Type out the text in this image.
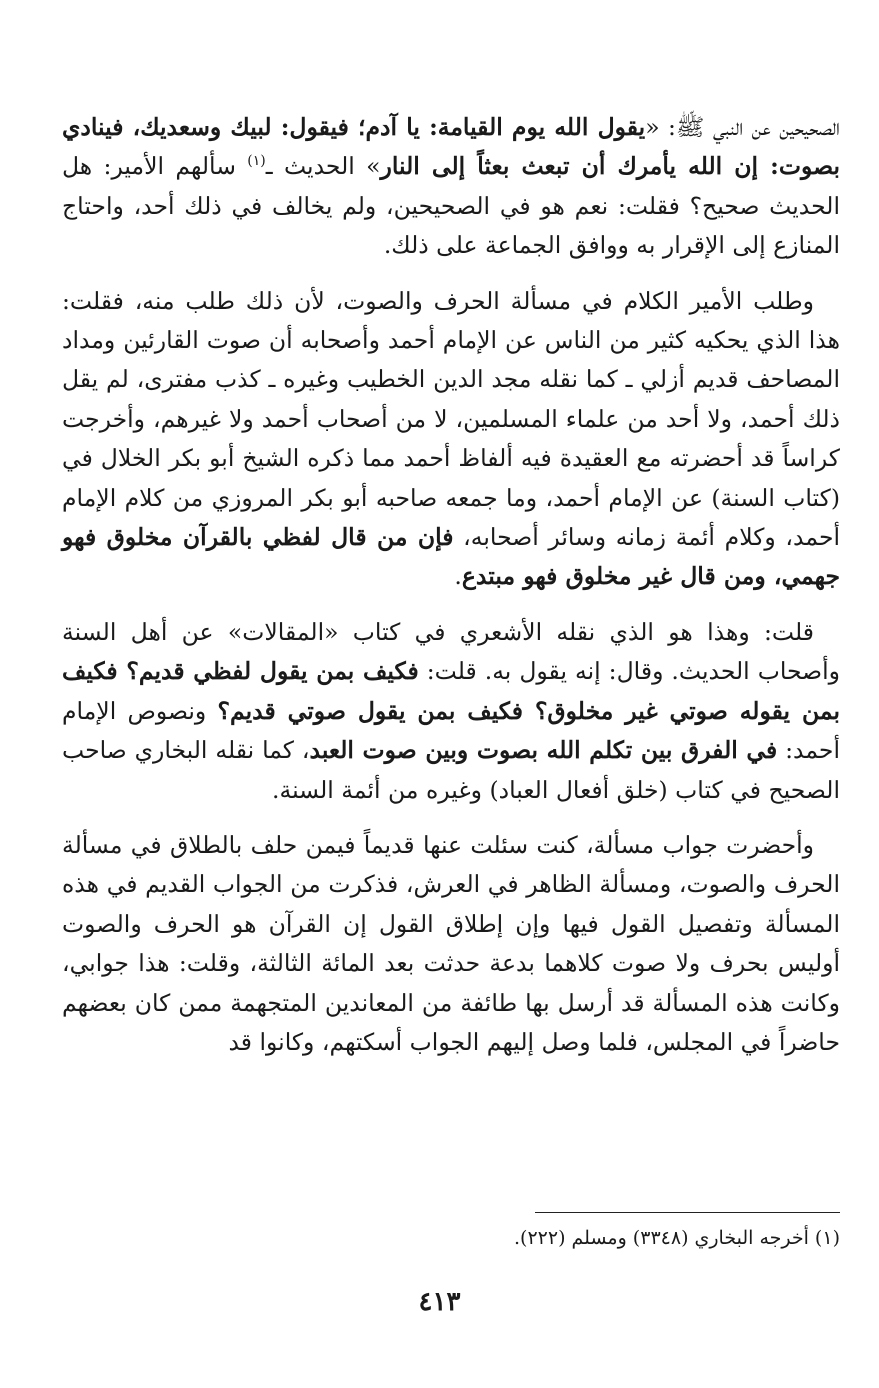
الصحيحين عن النبي ﷺ: «يقول الله يوم القيامة: يا آدم؛ فيقول: لبيك وسعديك، فينادي بصوت: إن الله يأمرك أن تبعث بعثاً إلى النار» الحديث ـ$^{(١)}$ سألهم الأمير: هل الحديث صحيح؟ فقلت: نعم هو في الصحيحين، ولم يخالف في ذلك أحد، واحتاج المنازع إلى الإقرار به ووافق الجماعة على ذلك.

وطلب الأمير الكلام في مسألة الحرف والصوت، لأن ذلك طلب منه، فقلت: هذا الذي يحكيه كثير من الناس عن الإمام أحمد وأصحابه أن صوت القارئين ومداد المصاحف قديم أزلي ـ كما نقله مجد الدين الخطيب وغيره ـ كذب مفترى، لم يقل ذلك أحمد، ولا أحد من علماء المسلمين، لا من أصحاب أحمد ولا غيرهم، وأخرجت كراساً قد أحضرته مع العقيدة فيه ألفاظ أحمد مما ذكره الشيخ أبو بكر الخلال في (كتاب السنة) عن الإمام أحمد، وما جمعه صاحبه أبو بكر المروزي من كلام الإمام أحمد، وكلام أئمة زمانه وسائر أصحابه، فإن من قال لفظي بالقرآن مخلوق فهو جهمي، ومن قال غير مخلوق فهو مبتدع.

قلت: وهذا هو الذي نقله الأشعري في كتاب «المقالات» عن أهل السنة وأصحاب الحديث. وقال: إنه يقول به. قلت: فكيف بمن يقول لفظي قديم؟ فكيف بمن يقوله صوتي غير مخلوق؟ فكيف بمن يقول صوتي قديم؟ ونصوص الإمام أحمد: في الفرق بين تكلم الله بصوت وبين صوت العبد، كما نقله البخاري صاحب الصحيح في كتاب (خلق أفعال العباد) وغيره من أئمة السنة.

وأحضرت جواب مسألة، كنت سئلت عنها قديماً فيمن حلف بالطلاق في مسألة الحرف والصوت، ومسألة الظاهر في العرش، فذكرت من الجواب القديم في هذه المسألة وتفصيل القول فيها وإن إطلاق القول إن القرآن هو الحرف والصوت أوليس بحرف ولا صوت كلاهما بدعة حدثت بعد المائة الثالثة، وقلت: هذا جوابي، وكانت هذه المسألة قد أرسل بها طائفة من المعاندين المتجهمة ممن كان بعضهم حاضراً في المجلس، فلما وصل إليهم الجواب أسكتهم، وكانوا قد

(١) أخرجه البخاري (٣٣٤٨) ومسلم (٢٢٢).
٤١٣
